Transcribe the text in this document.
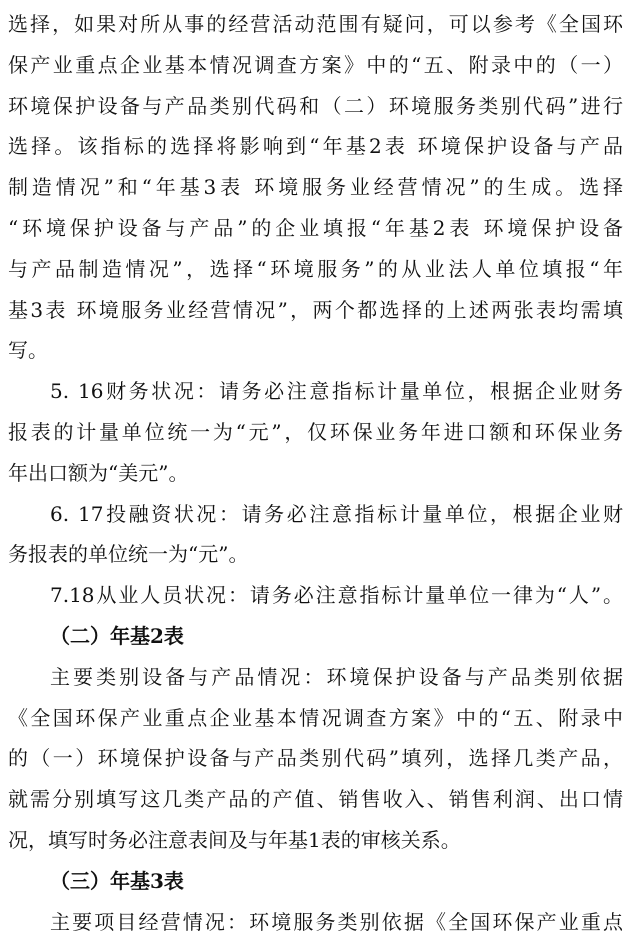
选择，如果对所从事的经营活动范围有疑问，可以参考《全国环
保产业重点企业基本情况调查方案》中的“五、附录中的（一）
环境保护设备与产品类别代码和（二）环境服务类别代码”进行
选择。该指标的选择将影响到“年基2表 环境保护设备与产品
制造情况”和“年基3表 环境服务业经营情况”的生成。选择
“环境保护设备与产品”的企业填报“年基2表 环境保护设备
与产品制造情况”，选择“环境服务”的从业法人单位填报“年
基3表 环境服务业经营情况”，两个都选择的上述两张表均需填
写。
5. 16财务状况：请务必注意指标计量单位，根据企业财务
报表的计量单位统一为“元”，仅环保业务年进口额和环保业务
年出口额为“美元”。
6. 17投融资状况：请务必注意指标计量单位，根据企业财
务报表的单位统一为“元”。
7.18从业人员状况：请务必注意指标计量单位一律为“人”。
（二）年基2表
主要类别设备与产品情况：环境保护设备与产品类别依据
《全国环保产业重点企业基本情况调查方案》中的“五、附录中
的（一）环境保护设备与产品类别代码”填列，选择几类产品，
就需分别填写这几类产品的产值、销售收入、销售利润、出口情
况，填写时务必注意表间及与年基1表的审核关系。
（三）年基3表
主要项目经营情况：环境服务类别依据《全国环保产业重点
